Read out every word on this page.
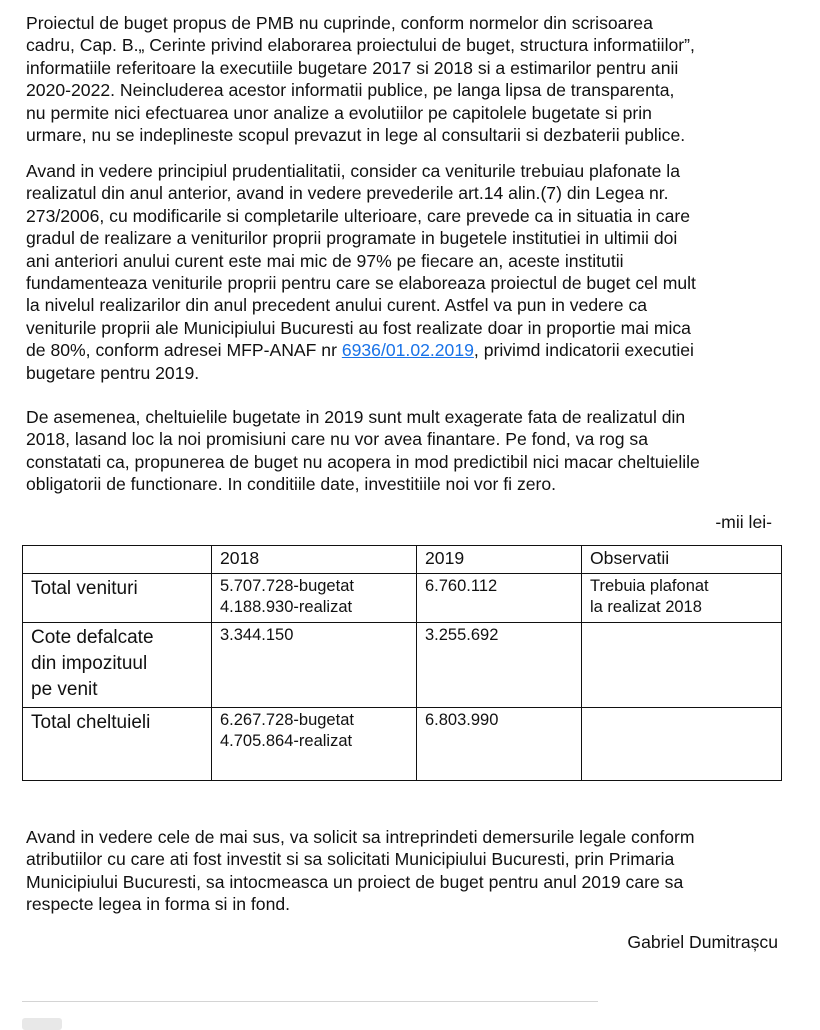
Proiectul de buget propus de PMB nu cuprinde, conform normelor din scrisoarea
cadru, Cap. B.„ Cerinte privind elaborarea proiectului de buget, structura informatiilor”,
informatiile referitoare la executiile bugetare 2017 si 2018 si a estimarilor pentru anii
2020-2022. Neincluderea acestor informatii publice, pe langa lipsa de transparenta,
nu permite nici efectuarea unor analize a evolutiilor pe capitolele bugetate si prin
urmare, nu se indeplineste scopul prevazut in lege al consultarii si dezbaterii publice.

Avand in vedere principiul prudentialitatii, consider ca veniturile trebuiau plafonate la
realizatul din anul anterior, avand in vedere prevederile art.14 alin.(7) din Legea nr.
273/2006, cu modificarile si completarile ulterioare, care prevede ca in situatia in care
gradul de realizare a veniturilor proprii programate in bugetele institutiei in ultimii doi
ani anteriori anului curent este mai mic de 97% pe fiecare an, aceste institutii
fundamenteaza veniturile proprii pentru care se elaboreaza proiectul de buget cel mult
la nivelul realizarilor din anul precedent anului curent. Astfel va pun in vedere ca
veniturile proprii ale Municipiului Bucuresti au fost realizate doar in proportie mai mica
de 80%, conform adresei MFP-ANAF nr 6936/01.02.2019, privimd indicatorii executiei
bugetare pentru 2019.

De asemenea, cheltuielile bugetate in 2019 sunt mult exagerate fata de realizatul din
2018, lasand loc la noi promisiuni care nu vor avea finantare. Pe fond, va rog sa
constatati ca, propunerea de buget nu acopera in mod predictibil nici macar cheltuielile
obligatorii de functionare. In conditiile date, investitiile noi vor fi zero.

-mii lei-

Avand in vedere cele de mai sus, va solicit sa intreprindeti demersurile legale conform
atributiilor cu care ati fost investit si sa solicitati Municipiului Bucuresti, prin Primaria
Municipiului Bucuresti, sa intocmeasca un proiect de buget pentru anul 2019 care sa
respecte legea in forma si in fond.

Gabriel Dumitrașcu
	2018	2019	Observatii
Total venituri	5.707.728-bugetat
4.188.930-realizat	6.760.112	Trebuia plafonat
la realizat 2018
Cote defalcate
din impozituul
pe venit	3.344.150	3.255.692	
Total cheltuieli	6.267.728-bugetat
4.705.864-realizat	6.803.990	
